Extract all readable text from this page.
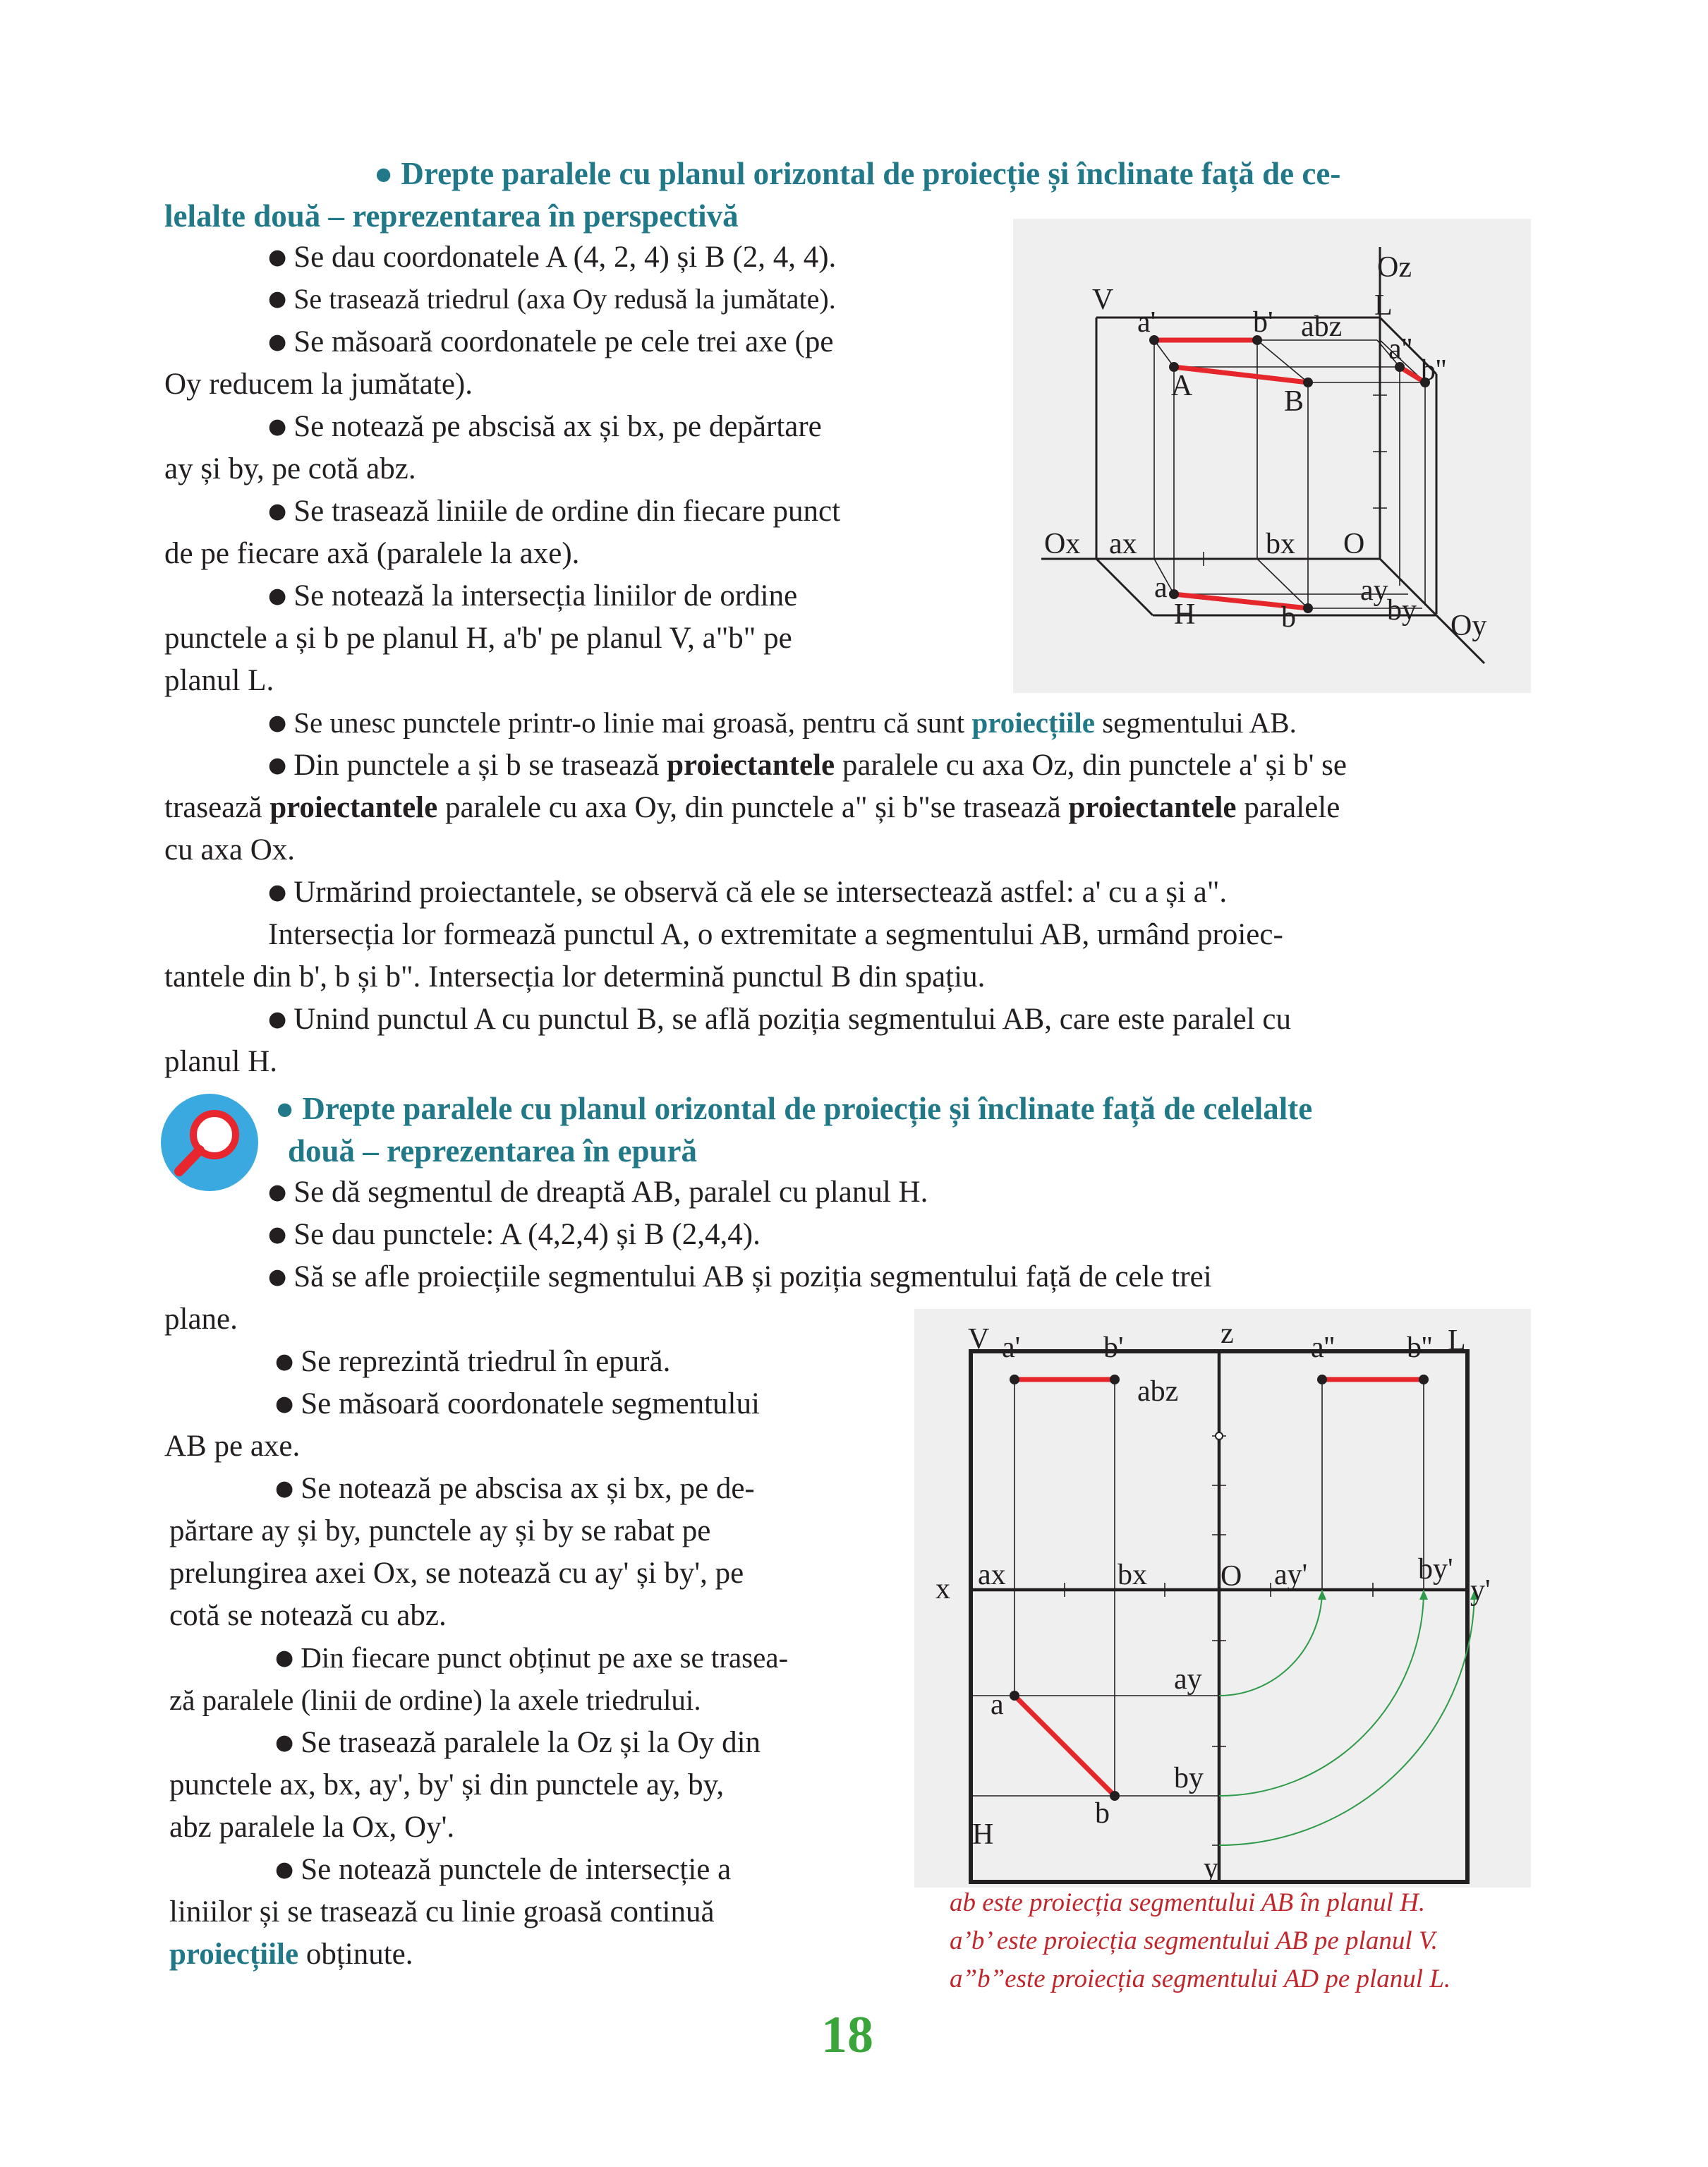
● Drepte paralele cu planul orizontal de proiecție și înclinate față de ce-
lelalte două – reprezentarea în perspectivă
● Se dau coordonatele A (4, 2, 4) și B (2, 4, 4).
● Se trasează triedrul (axa Oy redusă la jumătate).
● Se măsoară coordonatele pe cele trei axe (pe
Oy reducem la jumătate).
● Se notează pe abscisă ax și bx, pe depărtare
ay și by, pe cotă abz.
● Se trasează liniile de ordine din fiecare punct
de pe fiecare axă (paralele la axe).
● Se notează la intersecția liniilor de ordine
punctele a și b pe planul H, a'b' pe planul V, a"b" pe
planul L.
Oz
V
a'	b' abz
L
a''
b''
A	B
Ox ax	bx O
a	ay
H	b	by Oy
● Se unesc punctele printr-o linie mai groasă, pentru că sunt proiecțiile segmentului AB.
● Din punctele a și b se trasează proiectantele paralele cu axa Oz, din punctele a' și b' se
trasează proiectantele paralele cu axa Oy, din punctele a" și b"se trasează proiectantele paralele
cu axa Ox.
● Urmărind proiectantele, se observă că ele se intersectează astfel: a' cu a și a".
Intersecția lor formează punctul A, o extremitate a segmentului AB, urmând proiec-
tantele din b', b și b". Intersecția lor determină punctul B din spațiu.
● Unind punctul A cu punctul B, se află poziția segmentului AB, care este paralel cu
planul H.
● Drepte paralele cu planul orizontal de proiecție și înclinate față de celelalte
două – reprezentarea în epură
● Se dă segmentul de dreaptă AB, paralel cu planul H.
● Se dau punctele: A (4,2,4) și B (2,4,4).
● Să se afle proiecțiile segmentului AB și poziția segmentului față de cele trei
plane.
● Se reprezintă triedrul în epură.
● Se măsoară coordonatele segmentului
AB pe axe.
● Se notează pe abscisa ax și bx, pe de-
părtare ay și by, punctele ay și by se rabat pe
prelungirea axei Ox, se notează cu ay' și by', pe
cotă se notează cu abz.
● Din fiecare punct obținut pe axe se trasea-
ză paralele (linii de ordine) la axele triedrului.
● Se trasează paralele la Oz și la Oy din
punctele ax, bx, ay', by' și din punctele ay, by,
abz paralele la Ox, Oy'.
● Se notează punctele de intersecție a
liniilor și se trasează cu linie groasă continuă
proiecțiile obținute.
V a'	b'	z	a'' b'' L
abz
x ax	bx O ay'	by'
y'
ay
a
by
b
H
y
ab este proiecția segmentului AB în planul H.
a’b’ este proiecția segmentului AB pe planul V.
a”b”este proiecția segmentului AD pe planul L.
18
